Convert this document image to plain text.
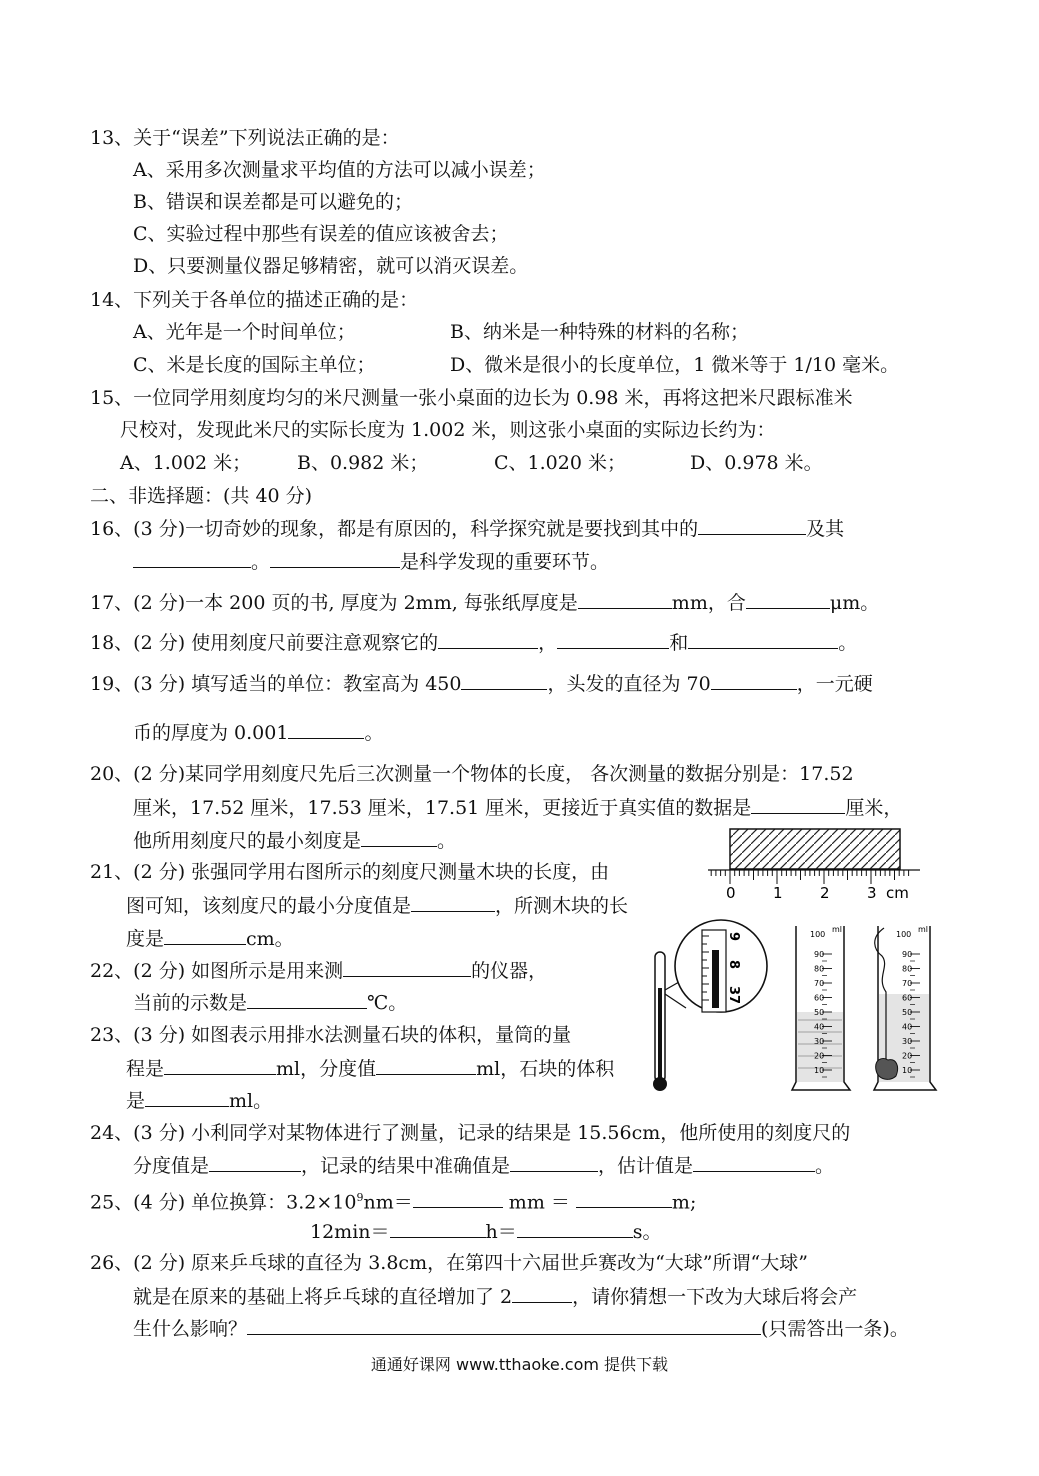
13、关于“误差”下列说法正确的是：
A、采用多次测量求平均值的方法可以减小误差；
B、错误和误差都是可以避免的；
C、实验过程中那些有误差的值应该被舍去；
D、只要测量仪器足够精密，就可以消灭误差。
14、下列关于各单位的描述正确的是：
A、光年是一个时间单位；	B、纳米是一种特殊的材料的名称；
C、米是长度的国际主单位；	D、微米是很小的长度单位，1 微米等于 1/10 毫米。
15、一位同学用刻度均匀的米尺测量一张小桌面的边长为 0.98 米，再将这把米尺跟标准米
尺校对，发现此米尺的实际长度为 1.002 米，则这张小桌面的实际边长约为：
A、1.002 米； B、0.982 米；	C、1.020 米；	D、0.978 米。
二、非选择题：(共 40 分)
16、(3 分)一切奇妙的现象，都是有原因的，科学探究就是要找到其中的	及其
。	是科学发现的重要环节。
17、(2 分)一本 200 页的书, 厚度为 2mm, 每张纸厚度是	mm，合	μm。
18、(2 分) 使用刻度尺前要注意观察它的	，	和	。
19、(3 分) 填写适当的单位：教室高为 450	，头发的直径为 70	，一元硬
币的厚度为 0.001	。
20、(2 分)某同学用刻度尺先后三次测量一个物体的长度， 各次测量的数据分别是：17.52
厘米，17.52 厘米，17.53 厘米，17.51 厘米，更接近于真实值的数据是	厘米，
他所用刻度尺的最小刻度是	。
21、(2 分) 张强同学用右图所示的刻度尺测量木块的长度，由
图可知，该刻度尺的最小分度值是	，所测木块的长
度是	cm。
0 1 2 3 cm
22、(2 分) 如图所示是用来测	的仪器，
当前的示数是	℃。
23、(3 分) 如图表示用排水法测量石块的体积，量筒的量
程是	ml，分度值	ml，石块的体积
是	ml。
9
8
37
100
ml
90
80
70
60
50
40
30
20
10
100
ml
90
80
70
60
50
40
30
20
10
24、(3 分) 小利同学对某物体进行了测量，记录的结果是 15.56cm，他所使用的刻度尺的
分度值是	，记录的结果中准确值是	，估计值是	。
25、(4 分) 单位换算：$3.2\times 10^9nm=$	mm ＝	m;
12min＝	h＝	s。
26、(2 分) 原来乒乓球的直径为 3.8cm，在第四十六届世乒赛改为“大球”所谓“大球”
就是在原来的基础上将乒乓球的直径增加了 2	，请你猜想一下改为大球后将会产
生什么影响？	(只需答出一条)。
通通好课网 www.tthaoke.com 提供下载
